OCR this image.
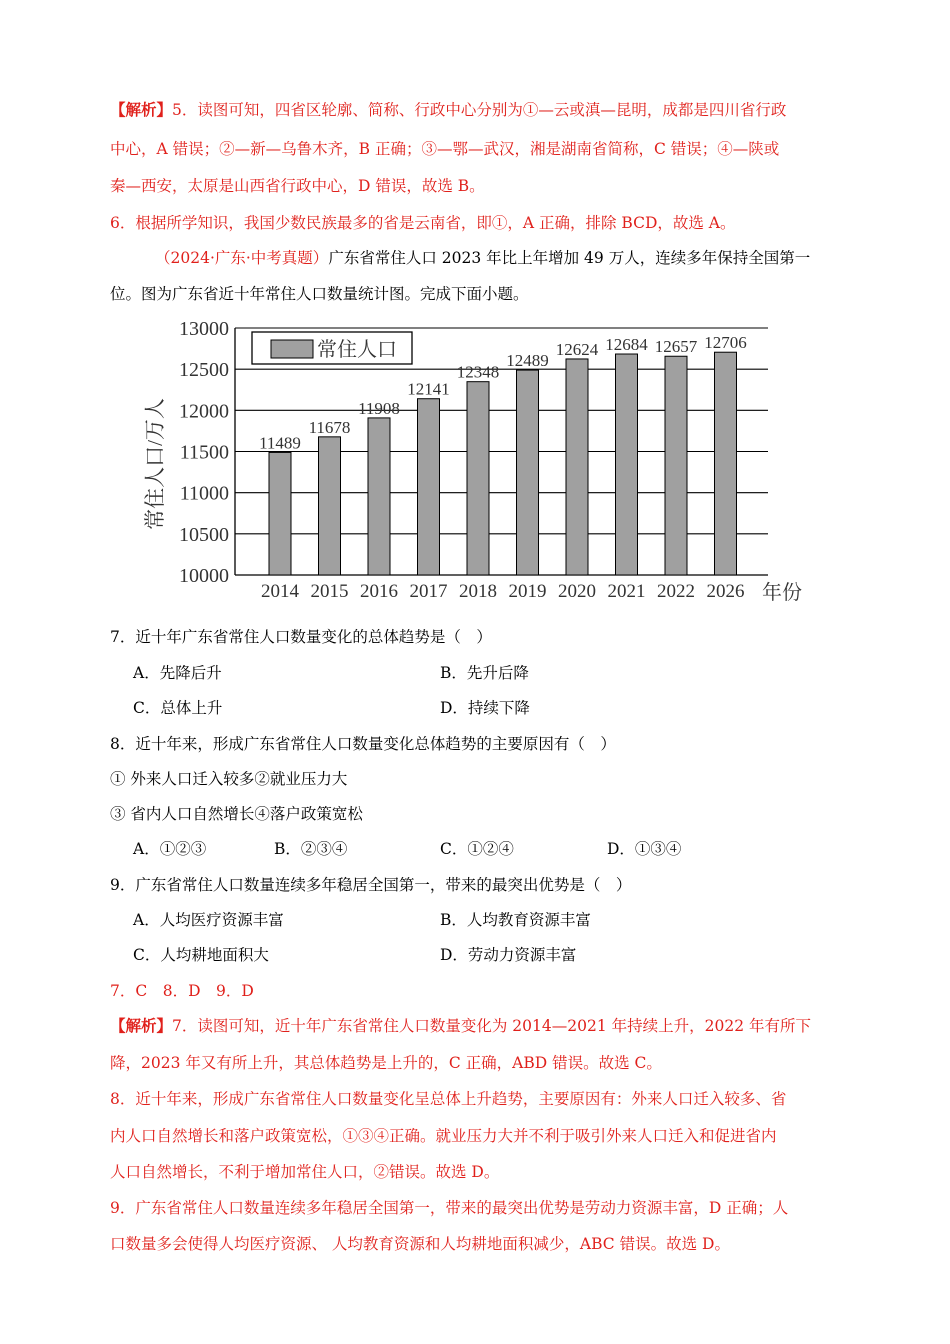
【解析】5．读图可知，四省区轮廓、简称、行政中心分别为①—云或滇—昆明，成都是四川省行政
中心，A 错误；②—新—乌鲁木齐，B 正确；③—鄂—武汉，湘是湖南省简称，C 错误；④—陕或
秦—西安，太原是山西省行政中心，D 错误，故选 B。
6．根据所学知识，我国少数民族最多的省是云南省，即①，A 正确，排除 BCD，故选 A。
（2024·广东·中考真题）广东省常住人口 2023 年比上年增加 49 万人，连续多年保持全国第一
位。图为广东省近十年常住人口数量统计图。完成下面小题。
11489
11678
11908
12141
12348
12489
12624 12684 12657 12706
10000
10500
11000
11500
12000
12500
13000
2014 2015 2016 2017 2018 2019 2020 2021 2022 2026
常住人口
常住人口/万人
年份
7．近十年广东省常住人口数量变化的总体趋势是（　）
A．先降后升	B．先升后降
C．总体上升	D．持续下降
8．近十年来，形成广东省常住人口数量变化总体趋势的主要原因有（　）
① 外来人口迁入较多②就业压力大
③ 省内人口自然增长④落户政策宽松
A．①②③	B．②③④	C．①②④	D．①③④
9．广东省常住人口数量连续多年稳居全国第一，带来的最突出优势是（　）
A．人均医疗资源丰富	B．人均教育资源丰富
C．人均耕地面积大	D．劳动力资源丰富
7．C　8．D　9．D
【解析】7．读图可知，近十年广东省常住人口数量变化为 2014—2021 年持续上升，2022 年有所下
降，2023 年又有所上升，其总体趋势是上升的，C 正确，ABD 错误。故选 C。
8．近十年来，形成广东省常住人口数量变化呈总体上升趋势，主要原因有：外来人口迁入较多、省
内人口自然增长和落户政策宽松，①③④正确。就业压力大并不利于吸引外来人口迁入和促进省内
人口自然增长，不利于增加常住人口，②错误。故选 D。
9．广东省常住人口数量连续多年稳居全国第一，带来的最突出优势是劳动力资源丰富，D 正确；人
口数量多会使得人均医疗资源、 人均教育资源和人均耕地面积减少，ABC 错误。故选 D。
